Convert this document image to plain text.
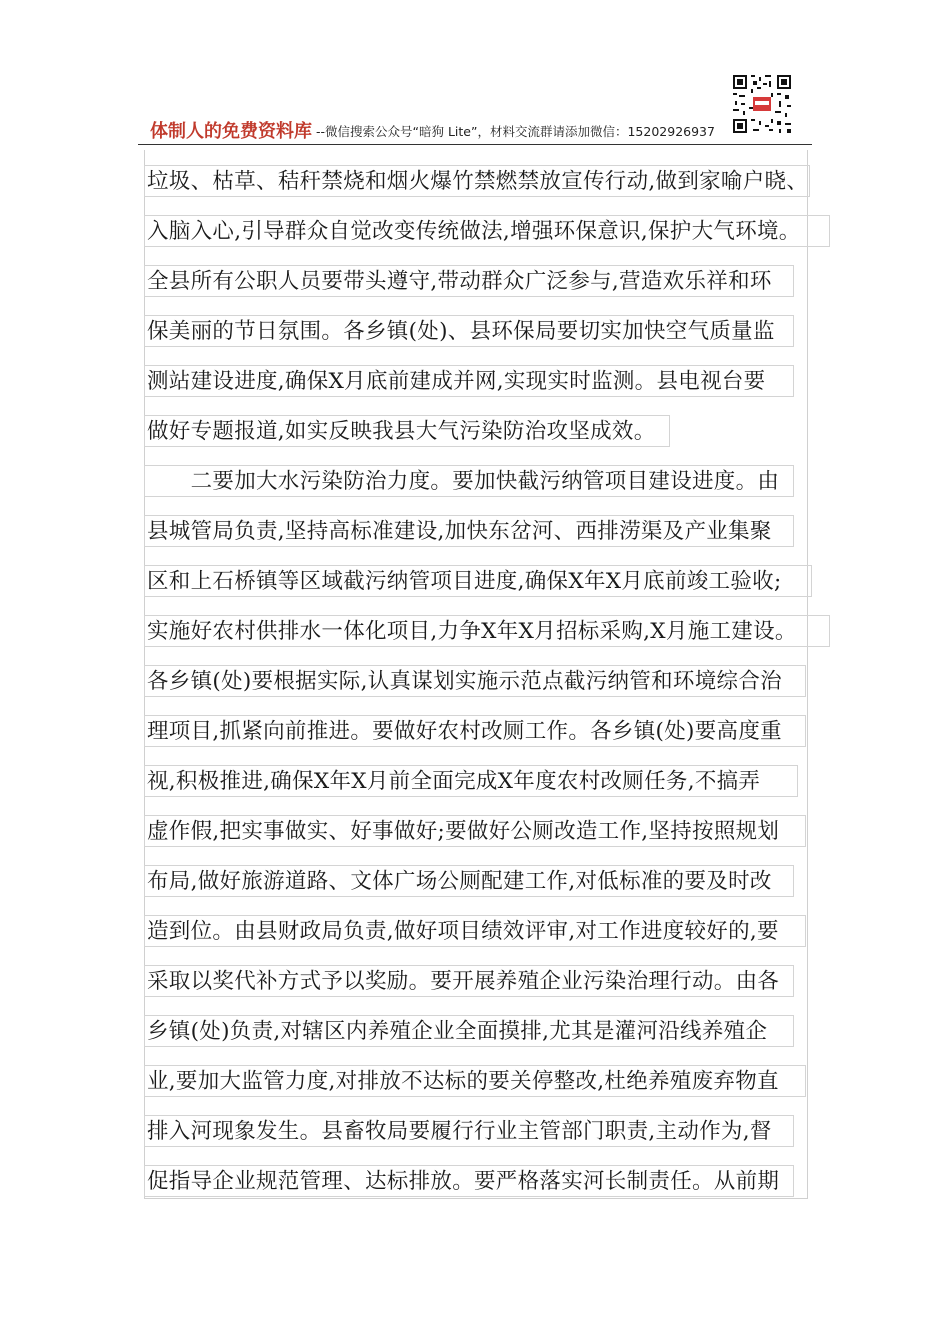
体制人的免费资料库 --微信搜索公众号“暗狗 Lite”，材料交流群请添加微信：15202926937
垃圾、枯草、秸秆禁烧和烟火爆竹禁燃禁放宣传行动,做到家喻户晓、
入脑入心,引导群众自觉改变传统做法,增强环保意识,保护大气环境。
全县所有公职人员要带头遵守,带动群众广泛参与,营造欢乐祥和环
保美丽的节日氛围。各乡镇(处)、县环保局要切实加快空气质量监
测站建设进度,确保X月底前建成并网,实现实时监测。县电视台要
做好专题报道,如实反映我县大气污染防治攻坚成效。
　　二要加大水污染防治力度。要加快截污纳管项目建设进度。由
县城管局负责,坚持高标准建设,加快东岔河、西排涝渠及产业集聚
区和上石桥镇等区域截污纳管项目进度,确保X年X月底前竣工验收;
实施好农村供排水一体化项目,力争X年X月招标采购,X月施工建设。
各乡镇(处)要根据实际,认真谋划实施示范点截污纳管和环境综合治
理项目,抓紧向前推进。要做好农村改厕工作。各乡镇(处)要高度重
视,积极推进,确保X年X月前全面完成X年度农村改厕任务,不搞弄
虚作假,把实事做实、好事做好;要做好公厕改造工作,坚持按照规划
布局,做好旅游道路、文体广场公厕配建工作,对低标准的要及时改
造到位。由县财政局负责,做好项目绩效评审,对工作进度较好的,要
采取以奖代补方式予以奖励。要开展养殖企业污染治理行动。由各
乡镇(处)负责,对辖区内养殖企业全面摸排,尤其是灌河沿线养殖企
业,要加大监管力度,对排放不达标的要关停整改,杜绝养殖废弃物直
排入河现象发生。县畜牧局要履行行业主管部门职责,主动作为,督
促指导企业规范管理、达标排放。要严格落实河长制责任。从前期
